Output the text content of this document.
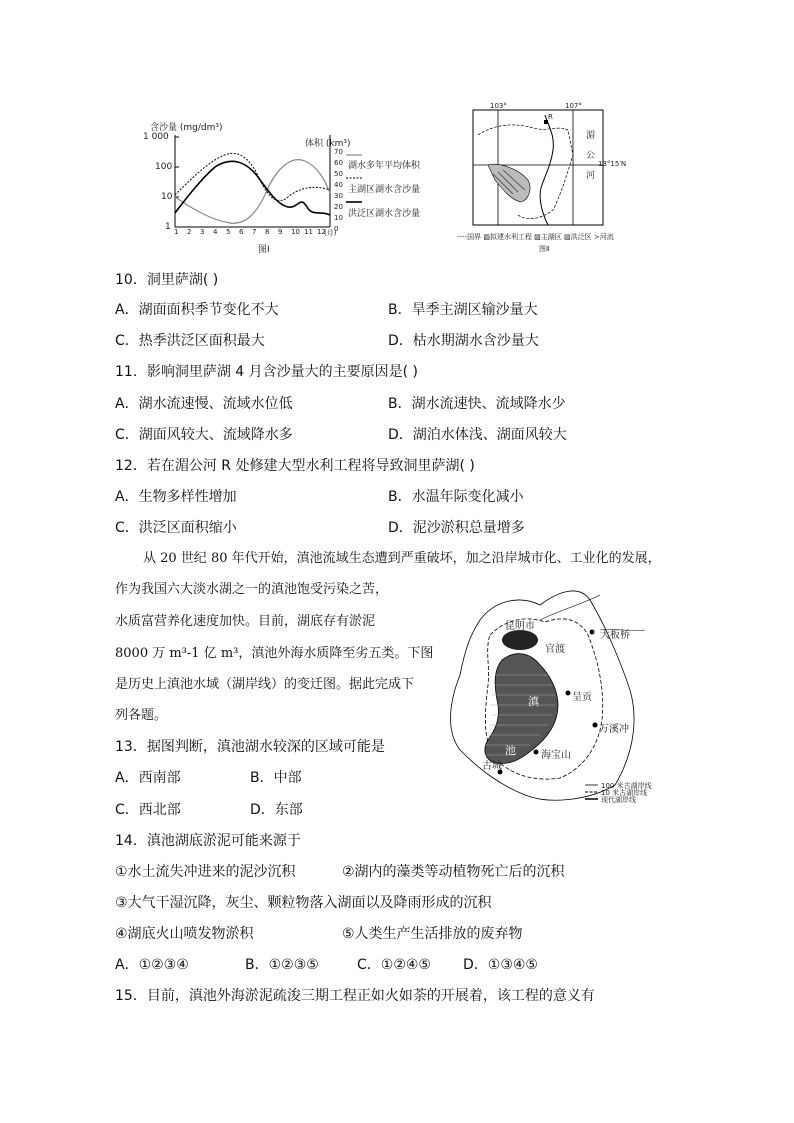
含沙量 (mg/dm³)
1 000
100
10
1
体积 (km³)
70
60
50
40
30
20
10
0
1 2 3 4 5 6 7 8 9 10 11 12
(月)
图Ⅰ
湖水多年平均体积
主湖区湖水含沙量
洪泛区湖水含沙量
103°	107°
R
湄
公
河
13°15′N
----国界 ▨拟建水利工程 ▨主湖区 ▨洪泛区 ≻河流
图Ⅱ
10．洞里萨湖( )
A．湖面面积季节变化不大	B．旱季主湖区输沙量大
C．热季洪泛区面积最大	D．枯水期湖水含沙量大
11．影响洞里萨湖 4 月含沙量大的主要原因是( )
A．湖水流速慢、流域水位低	B．湖水流速快、流域降水少
C．湖面风较大、流域降水多	D．湖泊水体浅、湖面风较大
12．若在湄公河 R 处修建大型水利工程将导致洞里萨湖( )
A．生物多样性增加	B．水温年际变化减小
C．洪泛区面积缩小	D．泥沙淤积总量增多
从 20 世纪 80 年代开始，滇池流域生态遭到严重破坏，加之沿岸城市化、工业化的发展，
作为我国六大淡水湖之一的滇池饱受污染之苦，
水质富营养化速度加快。目前，湖底存有淤泥
8000 万 m³-1 亿 m³，滇池外海水质降至劣五类。下图
是历史上滇池水域（湖岸线）的变迁图。据此完成下
列各题。
昆明市
官渡
大板桥
呈贡
万溪冲
海宝山
古城
滇
池
100 米古湖岸线
10 米古湖岸线
现代湖岸线
13．据图判断，滇池湖水较深的区域可能是
A．西南部	B．中部
C．西北部	D．东部
14．滇池湖底淤泥可能来源于
①水土流失冲进来的泥沙沉积	②湖内的藻类等动植物死亡后的沉积
③大气干湿沉降，灰尘、颗粒物落入湖面以及降雨形成的沉积
④湖底火山喷发物淤积	⑤人类生产生活排放的废弃物
A．①②③④	B．①②③⑤	C．①②④⑤ D．①③④⑤
15．目前，滇池外海淤泥疏浚三期工程正如火如荼的开展着，该工程的意义有
